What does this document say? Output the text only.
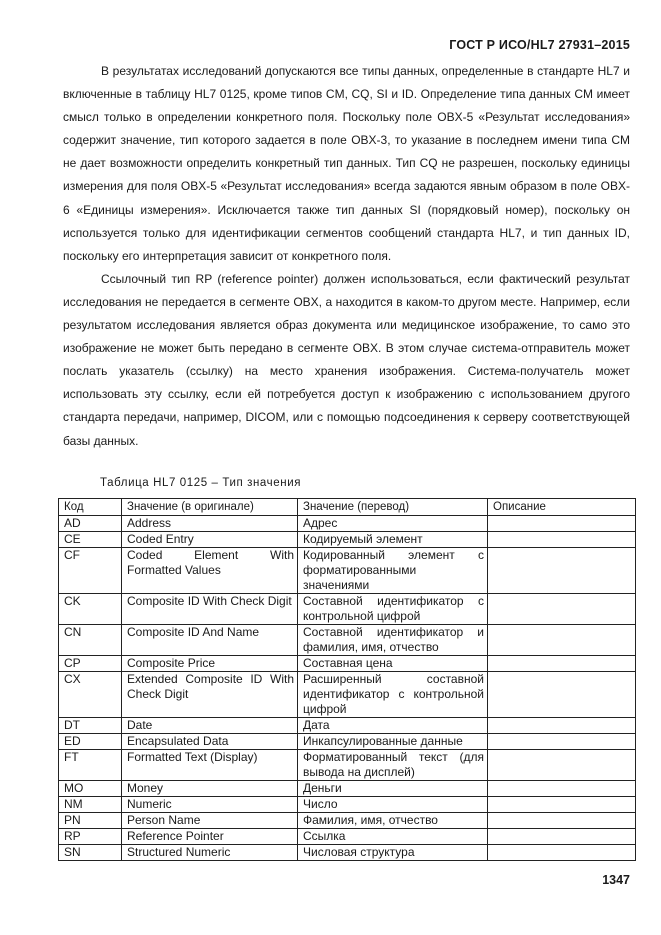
ГОСТ Р ИСО/HL7 27931–2015

В результатах исследований допускаются все типы данных, определенные в стандарте HL7 и включенные в таблицу HL7 0125, кроме типов CM, CQ, SI и ID. Определение типа данных CM имеет смысл только в определении конкретного поля. Поскольку поле OBX-5 «Результат исследования» содержит значение, тип которого задается в поле OBX-3, то указание в последнем имени типа CM не дает возможности определить конкретный тип данных. Тип CQ не разрешен, поскольку единицы измерения для поля OBX-5 «Результат исследования» всегда задаются явным образом в поле OBX-6 «Единицы измерения». Исключается также тип данных SI (порядковый номер), поскольку он используется только для идентификации сегментов сообщений стандарта HL7, и тип данных ID, поскольку его интерпретация зависит от конкретного поля.

Ссылочный тип RP (reference pointer) должен использоваться, если фактический результат исследования не передается в сегменте OBX, а находится в каком-то другом месте. Например, если результатом исследования является образ документа или медицинское изображение, то само это изображение не может быть передано в сегменте OBX. В этом случае система-отправитель может послать указатель (ссылку) на место хранения изображения. Система-получатель может использовать эту ссылку, если ей потребуется доступ к изображению с использованием другого стандарта передачи, например, DICOM, или с помощью подсоединения к серверу соответствующей базы данных.

Таблица HL7 0125 – Тип значения
Код	Значение (в оригинале)	Значение (перевод)	Описание
AD	Address	Адрес	
CE	Coded Entry	Кодируемый элемент	
CF	Coded Element With Formatted Values	Кодированный элемент с форматированными значениями	
CK	Composite ID With Check Digit	Составной идентификатор с контрольной цифрой	
CN	Composite ID And Name	Составной идентификатор и фамилия, имя, отчество	
CP	Composite Price	Составная цена	
CX	Extended Composite ID With Check Digit	Расширенный составной идентификатор с контрольной цифрой	
DT	Date	Дата	
ED	Encapsulated Data	Инкапсулированные данные	
FT	Formatted Text (Display)	Форматированный текст (для вывода на дисплей)	
MO	Money	Деньги	
NM	Numeric	Число	
PN	Person Name	Фамилия, имя, отчество	
RP	Reference Pointer	Ссылка	
SN	Structured Numeric	Числовая структура	
1347
